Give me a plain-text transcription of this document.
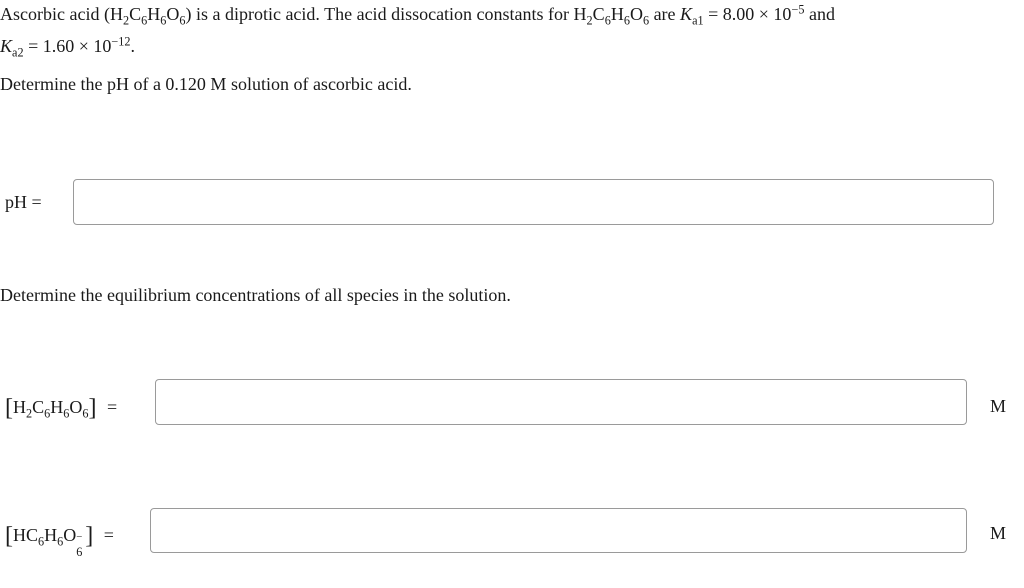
Ascorbic acid $(H_2C_6H_6O_6)$ is a diprotic acid. The acid dissocation constants for $H_2C_6H_6O_6$ are $K_{a1} = 8.00 \times 10^{-5}$ and
$K_{a2} = 1.60 \times 10^{-12}$.
Determine the pH of a 0.120 M solution of ascorbic acid.
pH =
Determine the equilibrium concentrations of all species in the solution.
$[H_2C_6H_6O_6]$ =	M
[$HC_6H_6O$ −
6
] =	M
